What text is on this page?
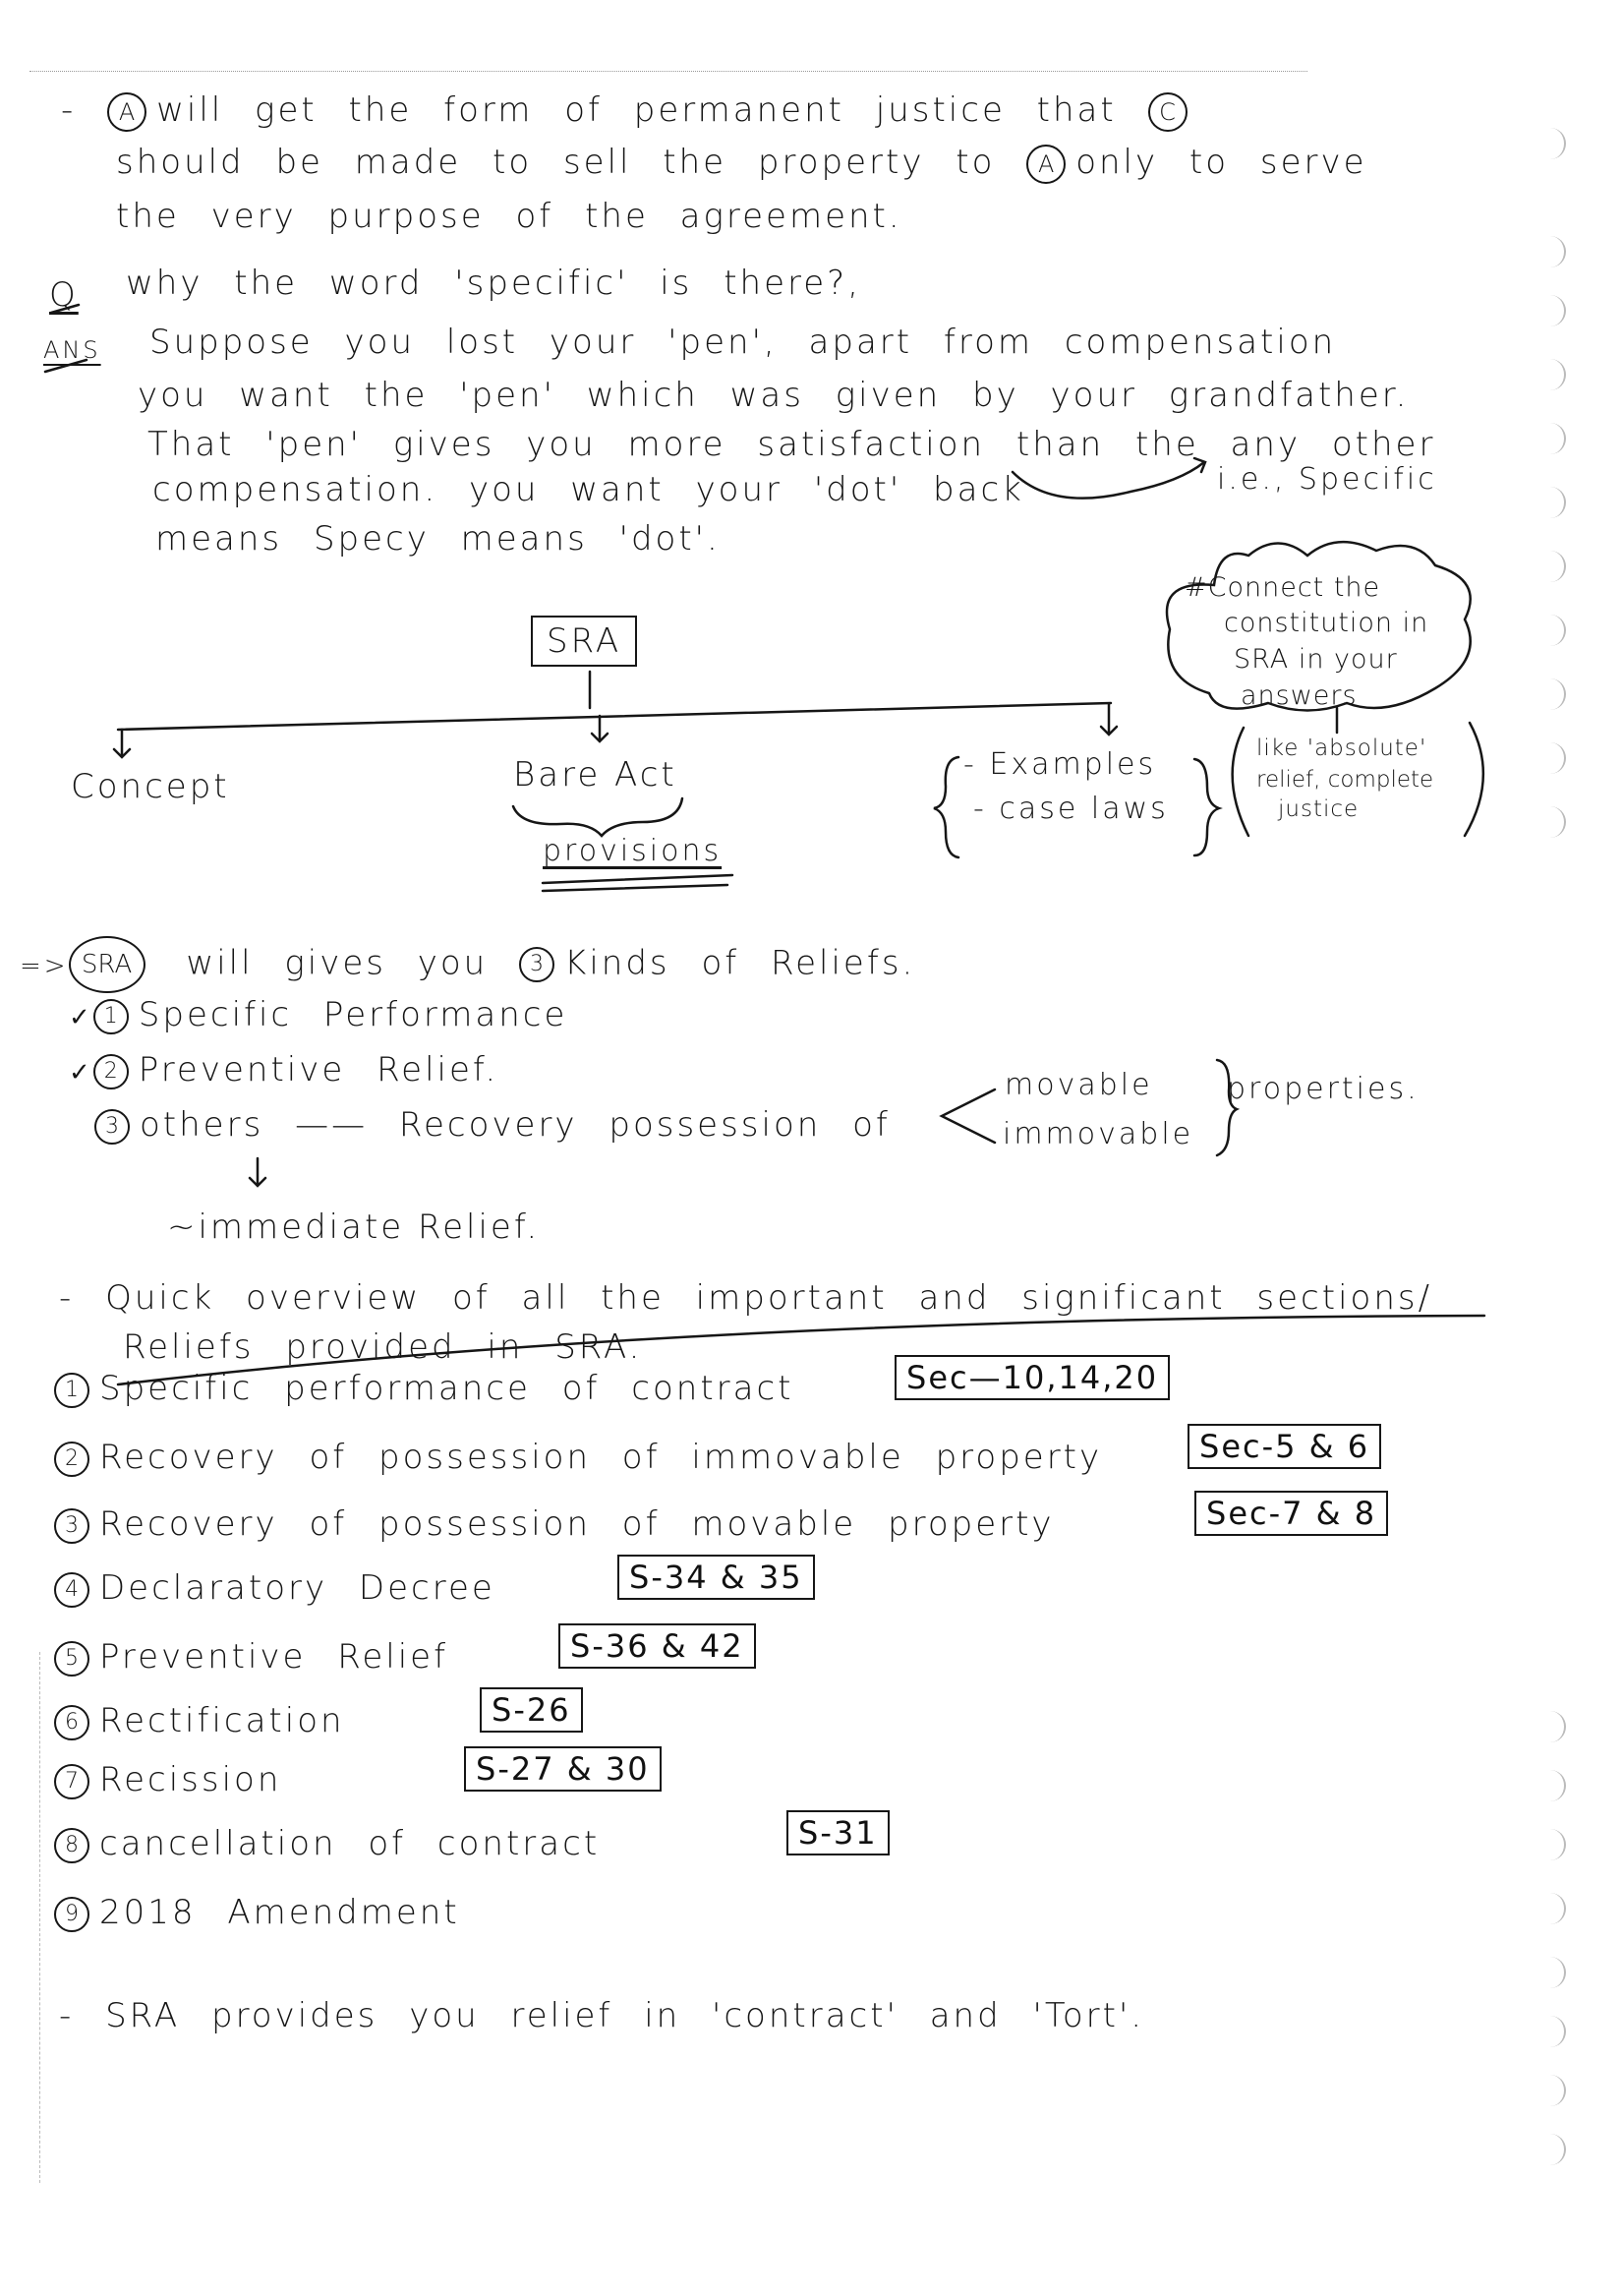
- A will get the form of permanent justice that C
should be made to sell the property to A only to serve
the very purpose of the agreement.
Q why the word 'specific' is there?,
ANS Suppose you lost your 'pen', apart from compensation
you want the 'pen' which was given by your grandfather.
That 'pen' gives you more satisfaction than the any other
compensation. you want your 'dot' back	i.e., Specific
means Specy means 'dot'.
SRA
Concept	Bare Act
provisions
- Examples
- case laws
#Connect the
constitution in
SRA in your
answers
like 'absolute'
relief, complete
justice
=> SRA will gives you 3 Kinds of Reliefs.
✓ 1 Specific Performance
✓ 2 Preventive Relief.
3 others —— Recovery possession of
movable
immovable
properties.
~immediate Relief.
- Quick overview of all the important and significant sections/
Reliefs provided in SRA.
1 Specific performance of contract	Sec—10,14,20
2 Recovery of possession of immovable property	Sec-5 & 6
3 Recovery of possession of movable property	Sec-7 & 8
4 Declaratory Decree	S-34 & 35
5 Preventive Relief	S-36 & 42
6 Rectification	S-26
7 Recission	S-27 & 30
8 cancellation of contract	S-31
9 2018 Amendment
- SRA provides you relief in 'contract' and 'Tort'.
